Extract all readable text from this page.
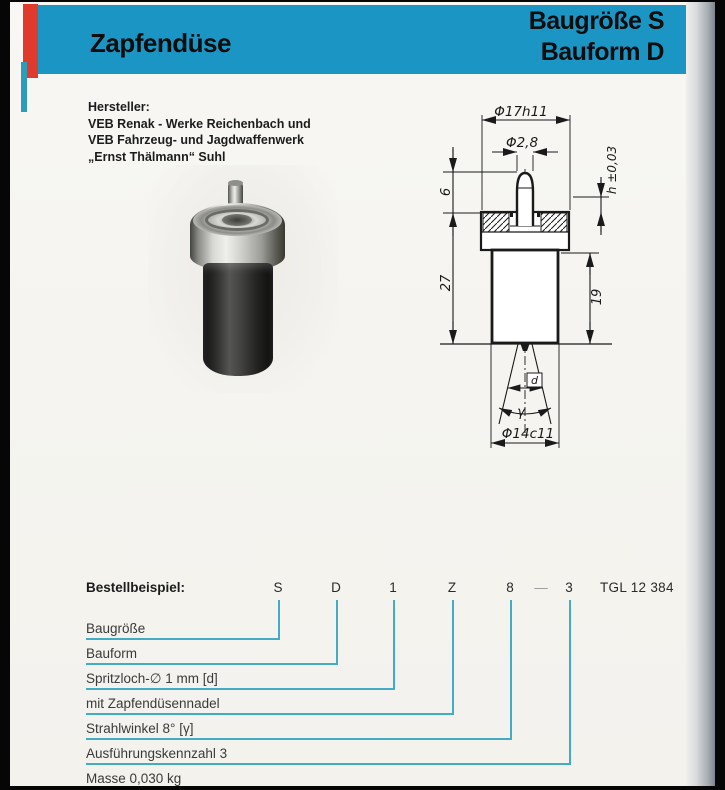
Zapfendüse
Baugröße S
Bauform D
Hersteller:
VEB Renak - Werke Reichenbach und
VEB Fahrzeug- und Jagdwaffenwerk
„Ernst Thälmann“ Suhl
Φ17h11
Φ2,8
6
27
h ±0,03
19
d
γ
Φ14c11
Bestellbeispiel:	—	TGL 12 384
S	D	1	Z	8	3
Baugröße
Bauform
Spritzloch-∅ 1 mm [d]
mit Zapfendüsennadel
Strahlwinkel 8° [γ]
Ausführungskennzahl 3
Masse 0,030 kg
